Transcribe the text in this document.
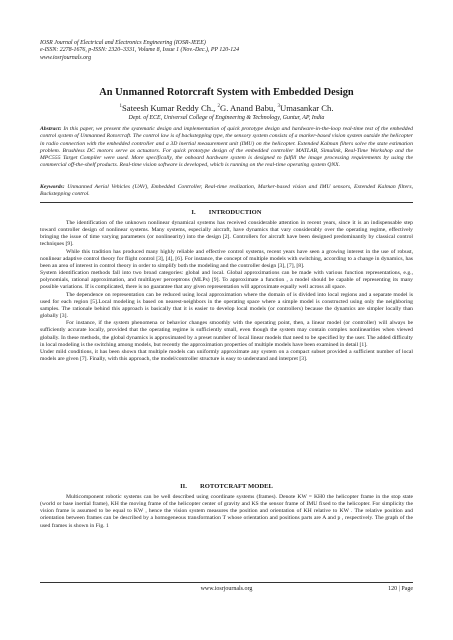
IOSR Journal of Electrical and Electronics Engineering (IOSR-JEEE)
e-ISSN: 2278-1676, p-ISSN: 2320–3331, Volume 8, Issue 1 (Nov.-Dec.), PP 120-124
www.iosrjournals.org
An Unmanned Rotorcraft System with Embedded Design
$^1$Sateesh Kumar Reddy Ch., $^2$G. Anand Babu, $^3$Umasankar Ch.
Dept. of ECE, Universal College of Engineering & Technology, Guntur, AP, India
Abstract: In this paper, we present the systematic design and implementation of quick prototype design and hardware-in-the-loop real-time test of the embedded control system of Unmanned Rotorcraft. The control law is of backstepping type, the sensory system consists of a marker-based vision system outside the helicopter in radio connection with the embedded controller and a 3D inertial measurement unit (IMU) on the helicopter. Extended Kalman filters solve the state estimation problem. Brushless DC motors serve as actuators. For quick prototype design of the embedded controller MATLAB, Simulink, Real-Time Workshop and the MPC555 Target Compiler were used. More specifically, the onboard hardware system is designed to fulfill the image processing requirements by using the commercial off-the-shelf products. Real-time vision software is developed, which is running on the real-time operating system QNX.
Keywords: Unmanned Aerial Vehicles (UAV), Embedded Controller, Real-time realization, Marker-based vision and IMU sensors, Extended Kalman filters, Backstepping control.
I.  INTRODUCTION

The identification of the unknown nonlinear dynamical systems has received considerable attention in recent years, since it is an indispensable step toward controller design of nonlinear systems. Many systems, especially aircraft, have dynamics that vary considerably over the operating regime, effectively bringing the issue of time varying parameters (or nonlinearity) into the design [2]. Controllers for aircraft have been designed predominantly by classical control techniques [9].

While this tradition has produced many highly reliable and effective control systems, recent years have seen a growing interest in the use of robust, nonlinear adaptive control theory for flight control [3], [4], [6]. For instance, the concept of multiple models with switching, according to a change in dynamics, has been an area of interest in control theory in order to simplify both the modeling and the controller design [3], [7], [8].

System identification methods fall into two broad categories: global and local. Global approximations can be made with various function representations, e.g., polynomials, rational approximation, and multilayer perceptrons (MLPs) [9]. To approximate a function , a model should be capable of representing its many possible variations. If is complicated, there is no guarantee that any given representation will approximate equally well across all space.

The dependence on representation can be reduced using local approximation where the domain of is divided into local regions and a separate model is used for each region [5].Local modeling is based on nearest-neighbors in the operating space where a simple model is constructed using only the neighboring samples. The rationale behind this approach is basically that it is easier to develop local models (or controllers) because the dynamics are simpler locally than globally [3].

For instance, if the system phenomena or behavior changes smoothly with the operating point, then, a linear model (or controller) will always be sufficiently accurate locally, provided that the operating regime is sufficiently small, even though the system may contain complex nonlinearities when viewed globally. In these methods, the global dynamics is approximated by a preset number of local linear models that need to be specified by the user. The added difficulty in local modeling is the switching among models, but recently the approximation properties of multiple models have been examined in detail [1].

Under mild conditions, it has been shown that multiple models can uniformly approximate any system on a compact subset provided a sufficient number of local models are given [7]. Finally, with this approach, the model/controller structure is easy to understand and interpret [3].

II.  ROTOTCRAFT MODEL

Multicomponent robotic systems can be well described using coordinate systems (frames). Denote KW = KH0 the helicopter frame in the stop state (world or base inertial frame), KH the moving frame of the helicopter center of gravity and KS the sensor frame of IMU fixed to the helicopter. For simplicity the vision frame is assumed to be equal to KW , hence the vision system measures the position and orientation of KH relative to KW . The relative position and orientation between frames can be described by a homogeneous transformation T whose orientation and positions parts are A and p , respectively. The graph of the used frames is shown in Fig. 1

www.iosrjournals.org	120 | Page
